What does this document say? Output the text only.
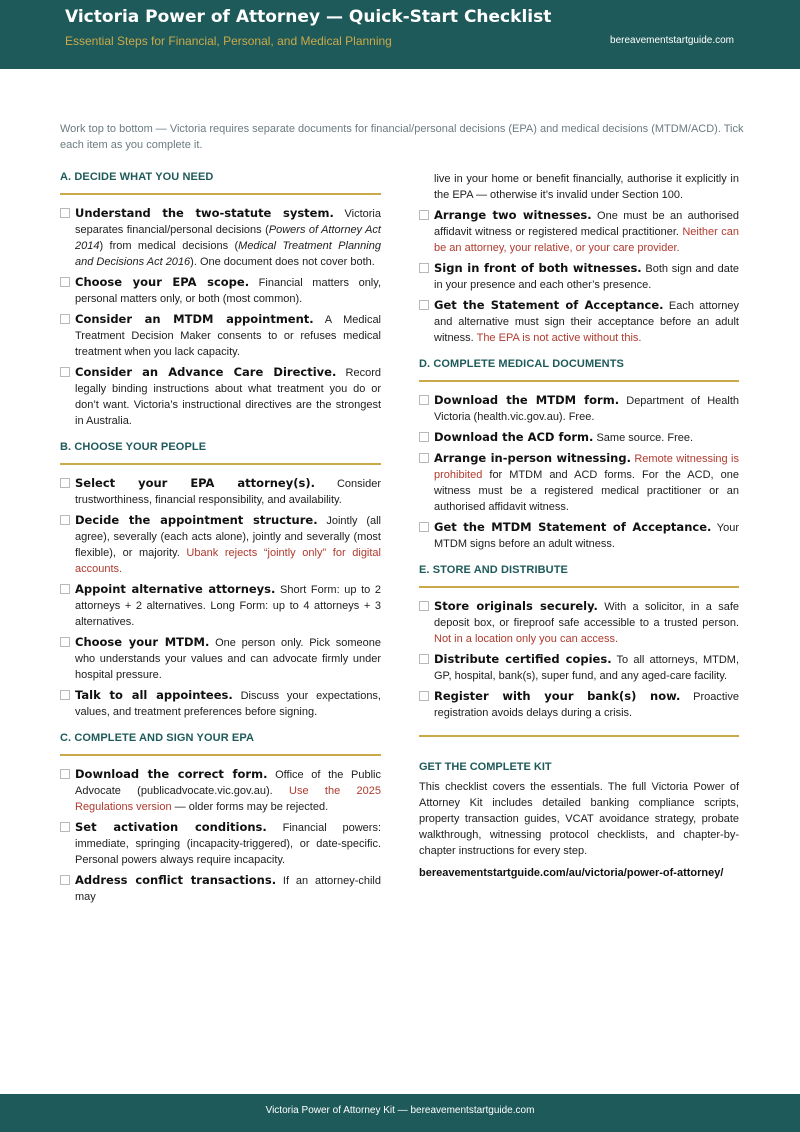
Victoria Power of Attorney — Quick-Start Checklist
Essential Steps for Financial, Personal, and Medical Planning	bereavementstartguide.com
Work top to bottom — Victoria requires separate documents for financial/personal decisions (EPA) and medical decisions (MTDM/ACD). Tick each item as you complete it.
A. DECIDE WHAT YOU NEED
Understand the two-statute system. Victoria separates financial/personal decisions (Powers of Attorney Act 2014) from medical decisions (Medical Treatment Planning and Decisions Act 2016). One document does not cover both.
Choose your EPA scope. Financial matters only, personal matters only, or both (most common).
Consider an MTDM appointment. A Medical Treatment Decision Maker consents to or refuses medical treatment when you lack capacity.
Consider an Advance Care Directive. Record legally binding instructions about what treatment you do or don’t want. Victoria’s instructional directives are the strongest in Australia.
B. CHOOSE YOUR PEOPLE
Select your EPA attorney(s). Consider trustworthiness, financial responsibility, and availability.
Decide the appointment structure. Jointly (all agree), severally (each acts alone), jointly and severally (most flexible), or majority. Ubank rejects “jointly only” for digital accounts.
Appoint alternative attorneys. Short Form: up to 2 attorneys + 2 alternatives. Long Form: up to 4 attorneys + 3 alternatives.
Choose your MTDM. One person only. Pick someone who understands your values and can advocate firmly under hospital pressure.
Talk to all appointees. Discuss your expectations, values, and treatment preferences before signing.
C. COMPLETE AND SIGN YOUR EPA
Download the correct form. Office of the Public Advocate (publicadvocate.vic.gov.au). Use the 2025 Regulations version — older forms may be rejected.
Set activation conditions. Financial powers: immediate, springing (incapacity-triggered), or date-specific. Personal powers always require incapacity.
Address conflict transactions. If an attorney-child may
live in your home or benefit financially, authorise it explicitly in the EPA — otherwise it’s invalid under Section 100.
Arrange two witnesses. One must be an authorised affidavit witness or registered medical practitioner. Neither can be an attorney, your relative, or your care provider.
Sign in front of both witnesses. Both sign and date in your presence and each other’s presence.
Get the Statement of Acceptance. Each attorney and alternative must sign their acceptance before an adult witness. The EPA is not active without this.
D. COMPLETE MEDICAL DOCUMENTS
Download the MTDM form. Department of Health Victoria (health.vic.gov.au). Free.
Download the ACD form. Same source. Free.
Arrange in-person witnessing. Remote witnessing is prohibited for MTDM and ACD forms. For the ACD, one witness must be a registered medical practitioner or an authorised affidavit witness.
Get the MTDM Statement of Acceptance. Your MTDM signs before an adult witness.
E. STORE AND DISTRIBUTE
Store originals securely. With a solicitor, in a safe deposit box, or fireproof safe accessible to a trusted person. Not in a location only you can access.
Distribute certified copies. To all attorneys, MTDM, GP, hospital, bank(s), super fund, and any aged-care facility.
Register with your bank(s) now. Proactive registration avoids delays during a crisis.
GET THE COMPLETE KIT
This checklist covers the essentials. The full Victoria Power of Attorney Kit includes detailed banking compliance scripts, property transaction guides, VCAT avoidance strategy, probate walkthrough, witnessing protocol checklists, and chapter-by-chapter instructions for every step.
bereavementstartguide.com/au/victoria/power-of-attorney/
Victoria Power of Attorney Kit — bereavementstartguide.com
